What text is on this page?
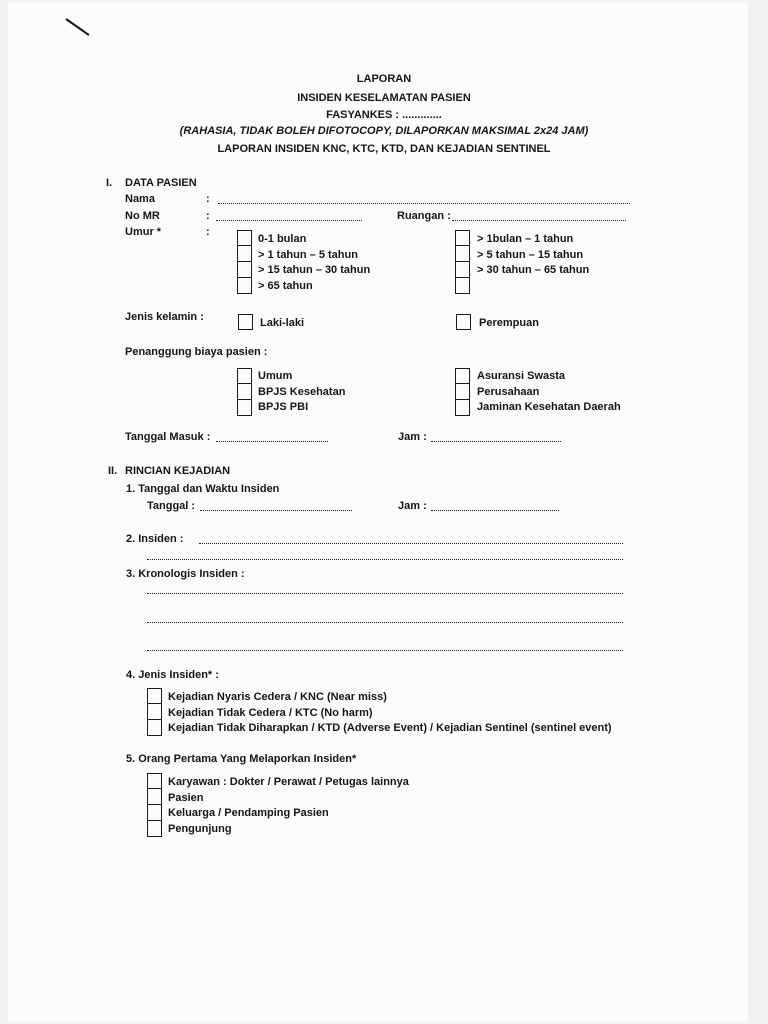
LAPORAN
INSIDEN KESELAMATAN PASIEN
FASYANKES : .............
(RAHASIA, TIDAK BOLEH DIFOTOCOPY, DILAPORKAN MAKSIMAL 2x24 JAM)
LAPORAN INSIDEN KNC, KTC, KTD, DAN KEJADIAN SENTINEL
I. DATA PASIEN
Nama	:
No MR	:	Ruangan :
Umur *	:
0-1 bulan
> 1 tahun – 5 tahun
> 15 tahun – 30 tahun
> 65 tahun
> 1bulan – 1 tahun
> 5 tahun – 15 tahun
> 30 tahun – 65 tahun
Jenis kelamin :	Laki-laki	Perempuan
Penanggung biaya pasien :
Umum
BPJS Kesehatan
BPJS PBI
Asuransi Swasta
Perusahaan
Jaminan Kesehatan Daerah
Tanggal Masuk :	Jam :
II. RINCIAN KEJADIAN
1. Tanggal dan Waktu Insiden
Tanggal :	Jam :
2. Insiden :
3. Kronologis Insiden :
4. Jenis Insiden* :
Kejadian Nyaris Cedera / KNC (Near miss)
Kejadian Tidak Cedera / KTC (No harm)
Kejadian Tidak Diharapkan / KTD (Adverse Event) / Kejadian Sentinel (sentinel event)
5. Orang Pertama Yang Melaporkan Insiden*
Karyawan : Dokter / Perawat / Petugas lainnya
Pasien
Keluarga / Pendamping Pasien
Pengunjung
